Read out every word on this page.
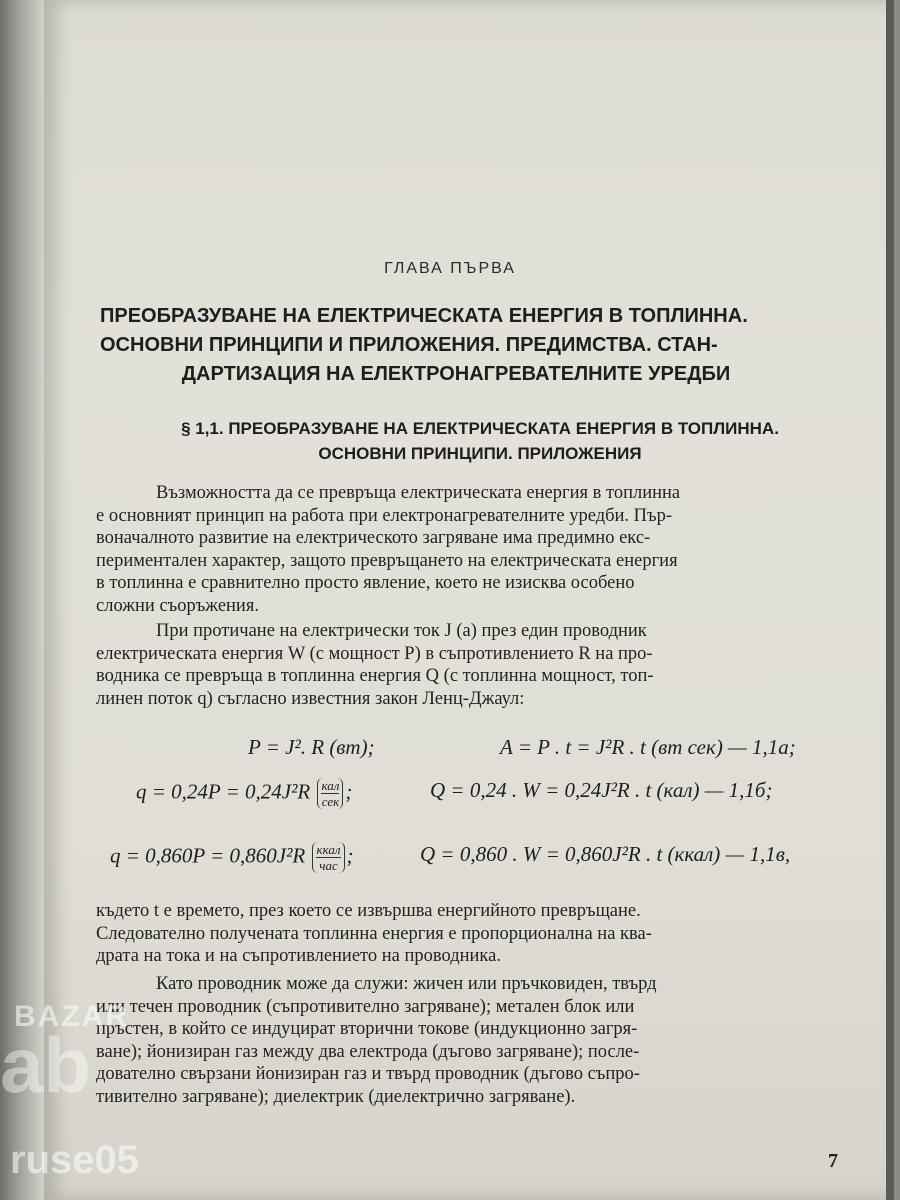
ГЛАВА ПЪРВА
ПРЕОБРАЗУВАНЕ НА ЕЛЕКТРИЧЕСКАТА ЕНЕРГИЯ В ТОПЛИННА.
ОСНОВНИ ПРИНЦИПИ И ПРИЛОЖЕНИЯ. ПРЕДИМСТВА. СТАН-
ДАРТИЗАЦИЯ НА ЕЛЕКТРОНАГРЕВАТЕЛНИТЕ УРЕДБИ
§ 1,1. ПРЕОБРАЗУВАНЕ НА ЕЛЕКТРИЧЕСКАТА ЕНЕРГИЯ В ТОПЛИННА.
ОСНОВНИ ПРИНЦИПИ. ПРИЛОЖЕНИЯ
Възможността да се превръща електрическата енергия в топлинна
е основният принцип на работа при електронагревателните уредби. Пър-
воначалното развитие на електрическото загряване има предимно екс-
периментален характер, защото превръщането на електрическата енергия
в топлинна е сравнително просто явление, което не изисква особено
сложни съоръжения.
При протичане на електрически ток J (а) през един проводник
електрическата енергия W (с мощност P) в съпротивлението R на про-
водника се превръща в топлинна енергия Q (с топлинна мощност, топ-
линен поток q) съгласно известния закон Ленц-Джаул:
P = J². R (вт);	A = P . t = J²R . t (вт сек) — 1,1а;
$q = 0,24P = 0,24J^2R \frac{\text{кал}}{\text{сек}}$ ;	Q = 0,24 . W = 0,24J²R . t (кал) — 1,1б;
$q = 0,860P = 0,860J^2R \frac{\text{ккал}}{\text{час}}$ ;	Q = 0,860 . W = 0,860J²R . t (ккал) — 1,1в,
където t е времето, през което се извършва енергийното превръщане.
Следователно получената топлинна енергия е пропорционална на ква-
драта на тока и на съпротивлението на проводника.
Като проводник може да служи: жичен или пръчковиден, твърд
или течен проводник (съпротивително загряване); метален блок или
пръстен, в който се индуцират вторични токове (индукционно загря-
ване); йонизиран газ между два електрода (дъгово загряване); после-
дователно свързани йонизиран газ и твърд проводник (дъгово съпро-
тивително загряване); диелектрик (диелектрично загряване).
7
BAZAR
ab
ruse05
